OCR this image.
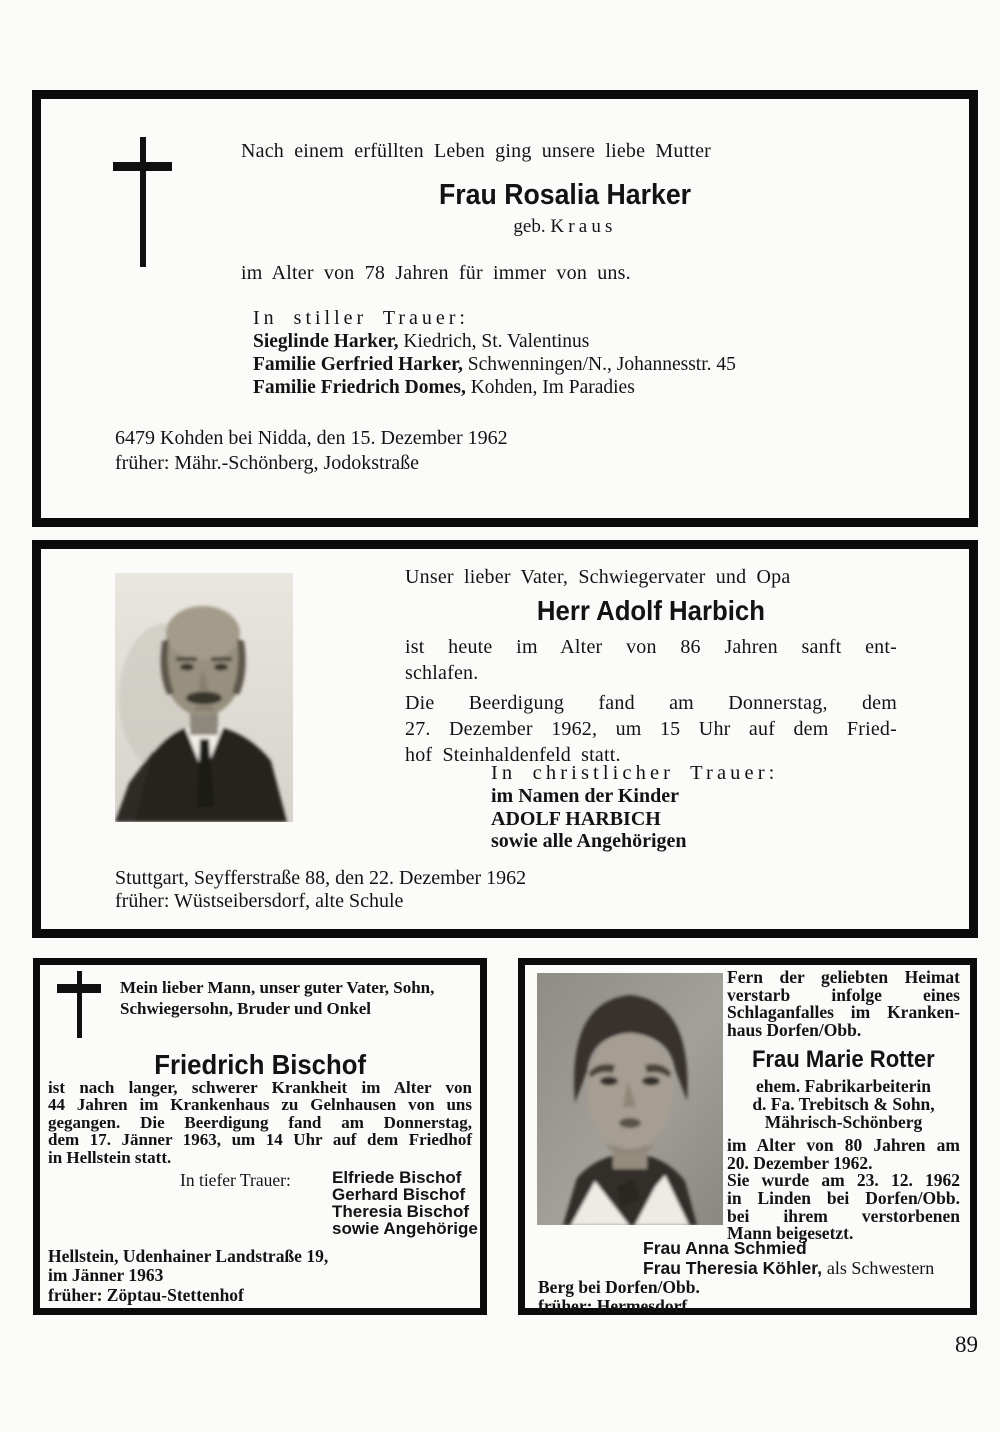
Nach einem erfüllten Leben ging unsere liebe Mutter
Frau Rosalia Harker
geb. Kraus
im Alter von 78 Jahren für immer von uns.
In stiller Trauer:
Sieglinde Harker, Kiedrich, St. Valentinus
Familie Gerfried Harker, Schwenningen/N., Johannesstr. 45
Familie Friedrich Domes, Kohden, Im Paradies
6479 Kohden bei Nidda, den 15. Dezember 1962
früher: Mähr.-Schönberg, Jodokstraße
Unser lieber Vater, Schwiegervater und Opa
Herr Adolf Harbich
ist heute im Alter von 86 Jahren sanft ent-
schlafen.
Die Beerdigung fand am Donnerstag, dem
27. Dezember 1962, um 15 Uhr auf dem Fried-
hof Steinhaldenfeld statt.
In christlicher Trauer:
im Namen der Kinder
ADOLF HARBICH
sowie alle Angehörigen
Stuttgart, Seyfferstraße 88, den 22. Dezember 1962
früher: Wüstseibersdorf, alte Schule
Mein lieber Mann, unser guter Vater, Sohn,
Schwiegersohn, Bruder und Onkel
Friedrich Bischof
ist nach langer, schwerer Krankheit im Alter von
44 Jahren im Krankenhaus zu Gelnhausen von uns
gegangen. Die Beerdigung fand am Donnerstag,
dem 17. Jänner 1963, um 14 Uhr auf dem Friedhof
in Hellstein statt.
In tiefer Trauer: Elfriede Bischof
Gerhard Bischof
Theresia Bischof
sowie Angehörige
Hellstein, Udenhainer Landstraße 19,
im Jänner 1963
früher: Zöptau-Stettenhof
Fern der geliebten Heimat
verstarb infolge eines
Schlaganfalles im Kranken-
haus Dorfen/Obb.
Frau Marie Rotter
ehem. Fabrikarbeiterin
d. Fa. Trebitsch & Sohn,
Mährisch-Schönberg
im Alter von 80 Jahren am
20. Dezember 1962.
Sie wurde am 23. 12. 1962
in Linden bei Dorfen/Obb.
bei ihrem verstorbenen
Mann beigesetzt.
Frau Anna Schmied
Frau Theresia Köhler, als Schwestern
Berg bei Dorfen/Obb.
früher: Hermesdorf
89
